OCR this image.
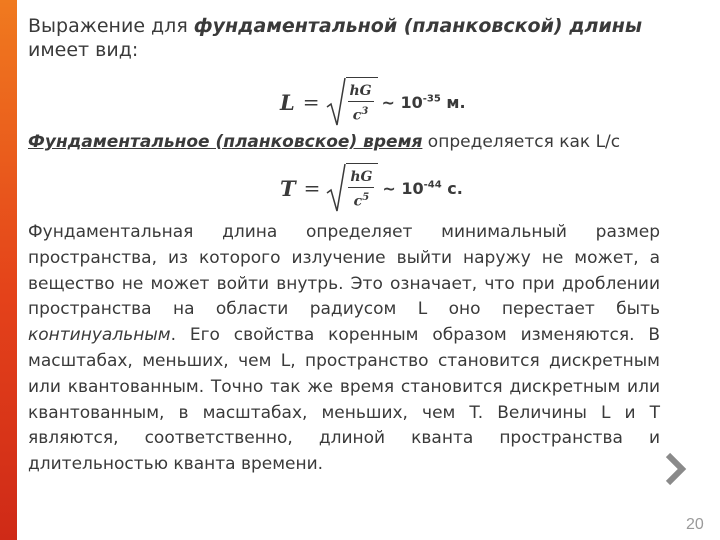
Выражение для фундаментальной (планковской) длины имеет вид:

$L = \frac{hG}{c^3}$ ~ $10^{-35}$ м.

Фундаментальное (планковское) время определяется как L/c

$T = \frac{hG}{c^5}$ ~ $10^{-44}$ с.

Фундаментальная длина определяет минимальный размер пространства, из которого излучение выйти наружу не может, а вещество не может войти внутрь. Это означает, что при дроблении пространства на области радиусом L оно перестает быть континуальным. Его свойства коренным образом изменяются. В масштабах, меньших, чем L, пространство становится дискретным или квантованным. Точно так же время становится дискретным или квантованным, в масштабах, меньших, чем T. Величины L и T являются, соответственно, длиной кванта пространства и длительностью кванта времени.

20
